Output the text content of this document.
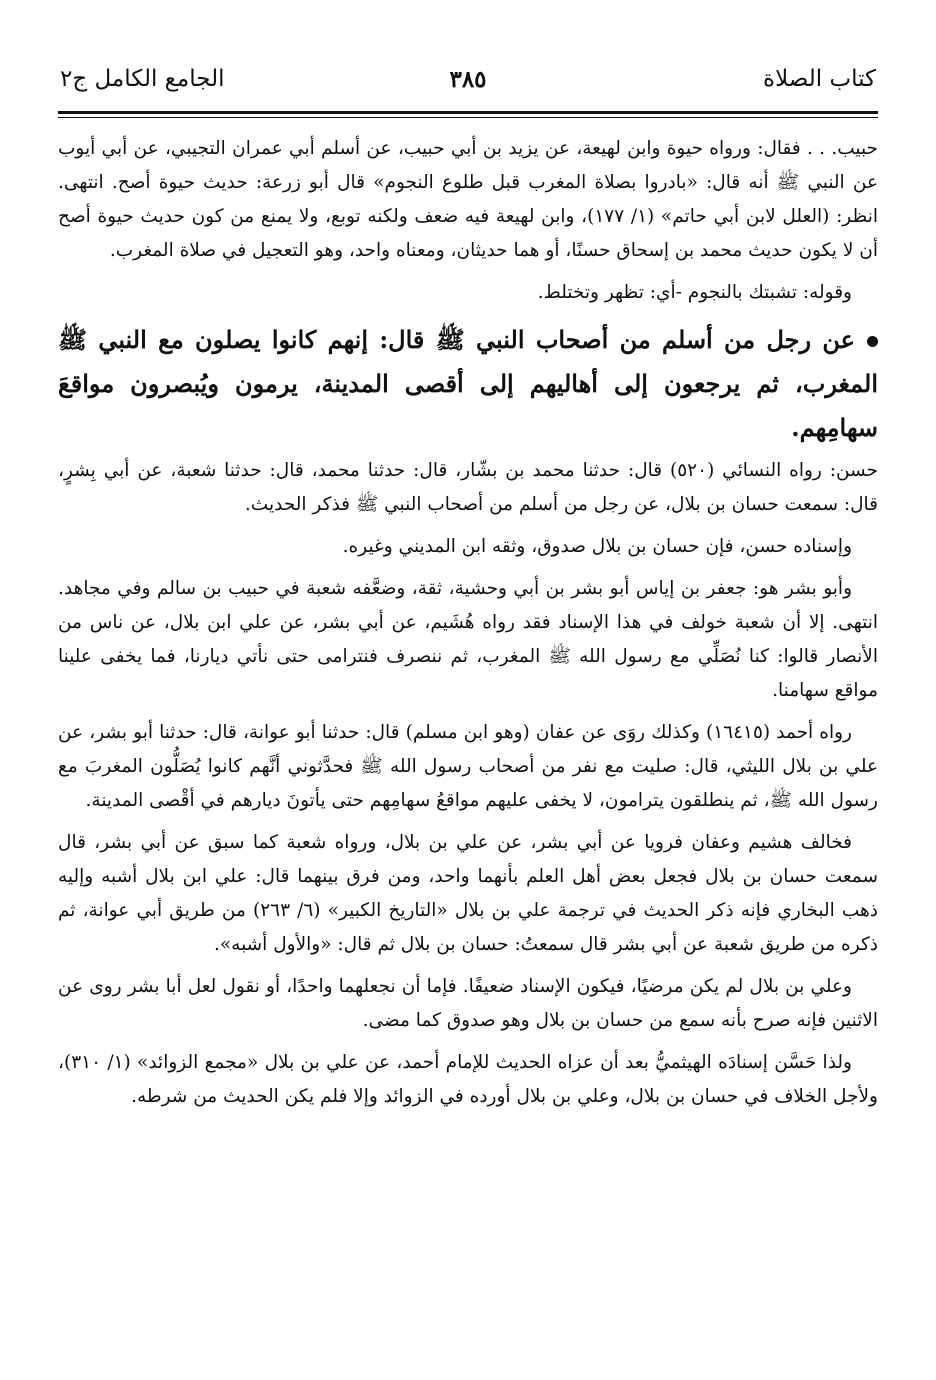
كتاب الصلاة
٣٨٥
الجامع الكامل ج٢

حبيب. . . فقال: ورواه حيوة وابن لهيعة، عن يزيد بن أبي حبيب، عن أسلم أبي عمران التجيبي، عن أبي أيوب عن النبي ﷺ أنه قال: «بادروا بصلاة المغرب قبل طلوع النجوم» قال أبو زرعة: حديث حيوة أصح. انتهى. انظر: (العلل لابن أبي حاتم» (١/ ١٧٧)، وابن لهيعة فيه ضعف ولكنه توبع، ولا يمنع من كون حديث حيوة أصح أن لا يكون حديث محمد بن إسحاق حسنًا، أو هما حديثان، ومعناه واحد، وهو التعجيل في صلاة المغرب.

وقوله: تشبتك بالنجوم -أي: تظهر وتختلط.

عن رجل من أسلم من أصحاب النبي ﷺ قال: إنهم كانوا يصلون مع النبي ﷺ المغرب، ثم يرجعون إلى أهاليهم إلى أقصى المدينة، يرمون ويُبصرون مواقعَ سهامِهم.

حسن: رواه النسائي (٥٢٠) قال: حدثنا محمد بن بشّار، قال: حدثنا محمد، قال: حدثنا شعبة، عن أبي بِشرٍ، قال: سمعت حسان بن بلال، عن رجل من أسلم من أصحاب النبي ﷺ فذكر الحديث.

وإسناده حسن، فإن حسان بن بلال صدوق، وثقه ابن المديني وغيره.

وأبو بشر هو: جعفر بن إياس أبو بشر بن أبي وحشية، ثقة، وضعَّفه شعبة في حبيب بن سالم وفي مجاهد. انتهى. إلا أن شعبة خولف في هذا الإسناد فقد رواه هُشَيم، عن أبي بشر، عن علي ابن بلال، عن ناس من الأنصار قالوا: كنا نُصَلِّي مع رسول الله ﷺ المغرب، ثم ننصرف فنترامى حتى نأتي ديارنا، فما يخفى علينا مواقع سهامنا.

رواه أحمد (١٦٤١٥) وكذلك روَى عن عفان (وهو ابن مسلم) قال: حدثنا أبو عوانة، قال: حدثنا أبو بشر، عن علي بن بلال الليثي، قال: صليت مع نفر من أصحاب رسول الله ﷺ فحدَّثوني أنَّهم كانوا يُصَلُّون المغربَ مع رسول الله ﷺ، ثم ينطلقون يترامون، لا يخفى عليهم مواقعُ سهامِهم حتى يأتونَ ديارهم في أقْصى المدينة.

فخالف هشيم وعفان فرويا عن أبي بشر، عن علي بن بلال، ورواه شعبة كما سبق عن أبي بشر، قال سمعت حسان بن بلال فجعل بعض أهل العلم بأنهما واحد، ومن فرق بينهما قال: علي ابن بلال أشبه وإليه ذهب البخاري فإنه ذكر الحديث في ترجمة علي بن بلال «التاريخ الكبير» (٦/ ٢٦٣) من طريق أبي عوانة، ثم ذكره من طريق شعبة عن أبي بشر قال سمعتُ: حسان بن بلال ثم قال: «والأول أشبه».

وعلي بن بلال لم يكن مرضيًا، فيكون الإسناد ضعيفًا. فإما أن نجعلهما واحدًا، أو نقول لعل أبا بشر روى عن الاثنين فإنه صرح بأنه سمع من حسان بن بلال وهو صدوق كما مضى.

ولذا حَسَّن إسنادَه الهيثميُّ بعد أن عزاه الحديث للإمام أحمد، عن علي بن بلال «مجمع الزوائد» (١/ ٣١٠)، ولأجل الخلاف في حسان بن بلال، وعلي بن بلال أورده في الزوائد وإلا فلم يكن الحديث من شرطه.
